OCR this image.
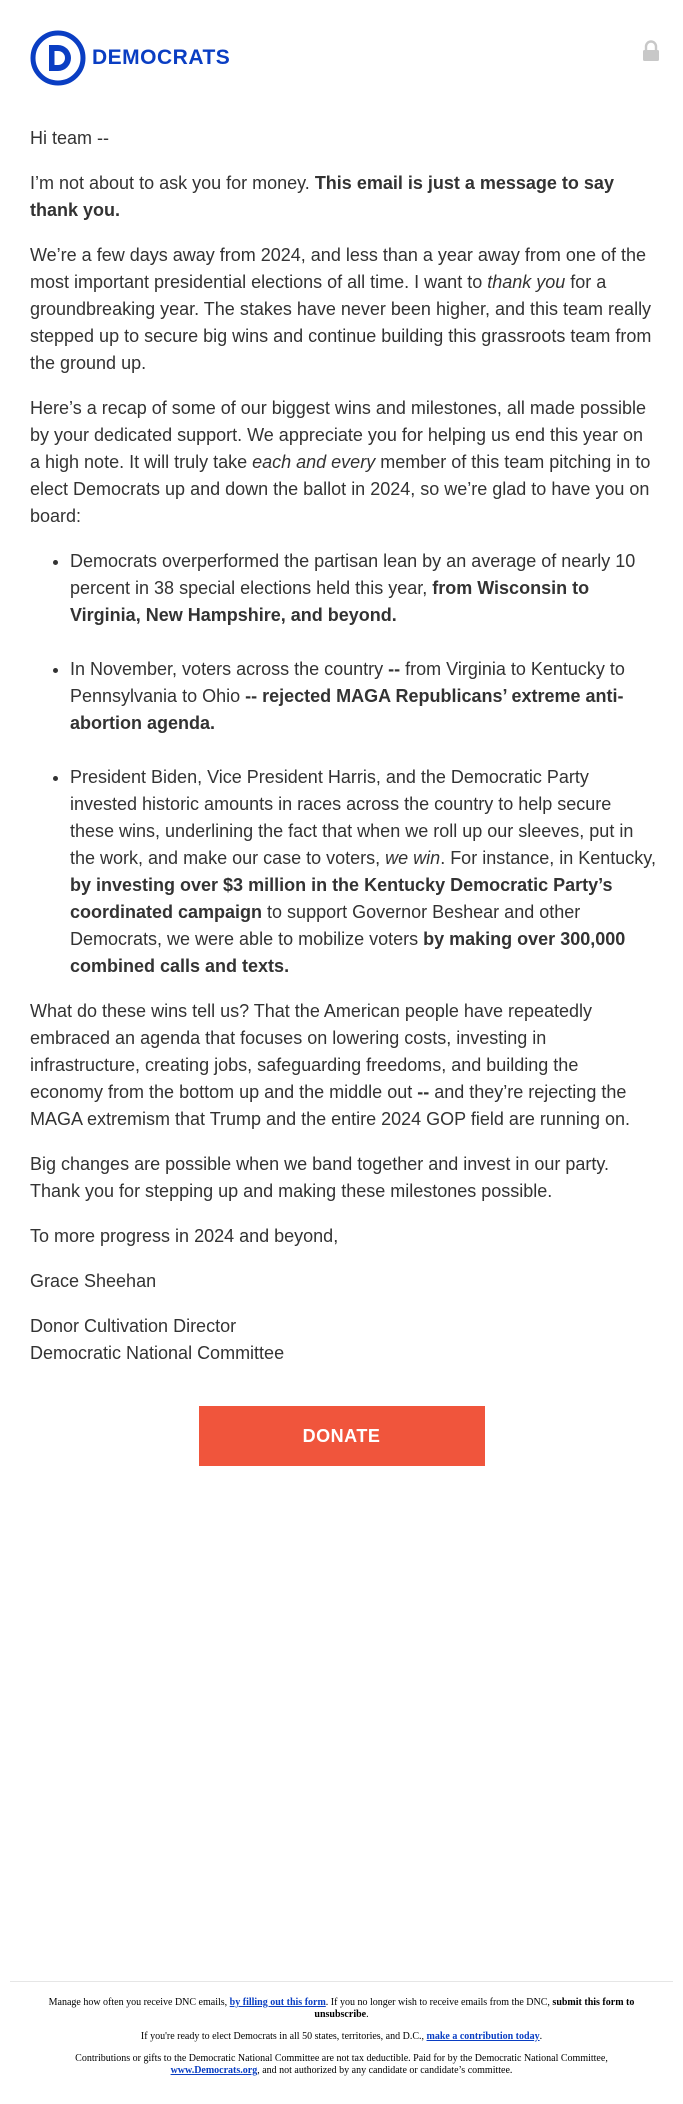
DEMOCRATS

Hi team --

I’m not about to ask you for money. This email is just a message to say thank you.

We’re a few days away from 2024, and less than a year away from one of the most important presidential elections of all time. I want to thank you for a groundbreaking year. The stakes have never been higher, and this team really stepped up to secure big wins and continue building this grassroots team from the ground up.

Here’s a recap of some of our biggest wins and milestones, all made possible by your dedicated support. We appreciate you for helping us end this year on a high note. It will truly take each and every member of this team pitching in to elect Democrats up and down the ballot in 2024, so we’re glad to have you on board:

• Democrats overperformed the partisan lean by an average of nearly 10 percent in 38 special elections held this year, from Wisconsin to Virginia, New Hampshire, and beyond.
• In November, voters across the country -- from Virginia to Kentucky to Pennsylvania to Ohio -- rejected MAGA Republicans’ extreme anti-abortion agenda.
• President Biden, Vice President Harris, and the Democratic Party invested historic amounts in races across the country to help secure these wins, underlining the fact that when we roll up our sleeves, put in the work, and make our case to voters, we win. For instance, in Kentucky, by investing over $3 million in the Kentucky Democratic Party’s coordinated campaign to support Governor Beshear and other Democrats, we were able to mobilize voters by making over 300,000 combined calls and texts.

What do these wins tell us? That the American people have repeatedly embraced an agenda that focuses on lowering costs, investing in infrastructure, creating jobs, safeguarding freedoms, and building the economy from the bottom up and the middle out -- and they’re rejecting the MAGA extremism that Trump and the entire 2024 GOP field are running on.

Big changes are possible when we band together and invest in our party. Thank you for stepping up and making these milestones possible.

To more progress in 2024 and beyond,

Grace Sheehan

Donor Cultivation Director
Democratic National Committee
DONATE

Manage how often you receive DNC emails, by filling out this form. If you no longer wish to receive emails from the DNC, submit this form to unsubscribe.

If you're ready to elect Democrats in all 50 states, territories, and D.C., make a contribution today.

Contributions or gifts to the Democratic National Committee are not tax deductible. Paid for by the Democratic National Committee, www.Democrats.org, and not authorized by any candidate or candidate’s committee.
